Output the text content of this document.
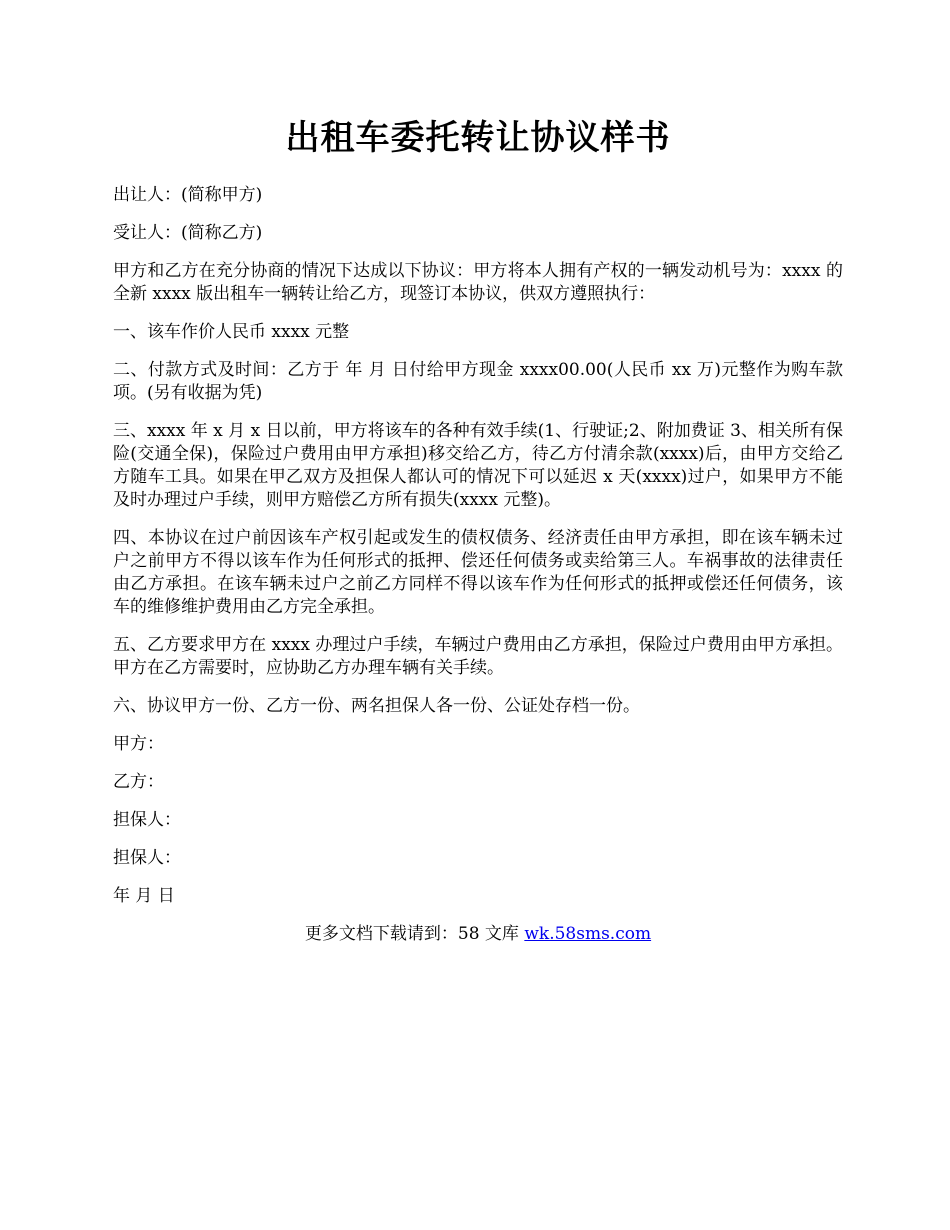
出租车委托转让协议样书

出让人：(简称甲方)

受让人：(简称乙方)

甲方和乙方在充分协商的情况下达成以下协议：甲方将本人拥有产权的一辆发动机号为：xxxx 的全新 xxxx 版出租车一辆转让给乙方，现签订本协议，供双方遵照执行：

一、该车作价人民币 xxxx 元整

二、付款方式及时间：乙方于 年 月 日付给甲方现金 xxxx00.00(人民币 xx 万)元整作为购车款项。(另有收据为凭)

三、xxxx 年 x 月 x 日以前，甲方将该车的各种有效手续(1、行驶证;2、附加费证 3、相关所有保险(交通全保)，保险过户费用由甲方承担)移交给乙方，待乙方付清余款(xxxx)后，由甲方交给乙方随车工具。如果在甲乙双方及担保人都认可的情况下可以延迟 x 天(xxxx)过户，如果甲方不能及时办理过户手续，则甲方赔偿乙方所有损失(xxxx 元整)。

四、本协议在过户前因该车产权引起或发生的债权债务、经济责任由甲方承担，即在该车辆未过户之前甲方不得以该车作为任何形式的抵押、偿还任何债务或卖给第三人。车祸事故的法律责任由乙方承担。在该车辆未过户之前乙方同样不得以该车作为任何形式的抵押或偿还任何债务，该车的维修维护费用由乙方完全承担。

五、乙方要求甲方在 xxxx 办理过户手续，车辆过户费用由乙方承担，保险过户费用由甲方承担。甲方在乙方需要时，应协助乙方办理车辆有关手续。

六、协议甲方一份、乙方一份、两名担保人各一份、公证处存档一份。

甲方：

乙方：

担保人：

担保人：

年 月 日

更多文档下载请到：58 文库 wk.58sms.com
